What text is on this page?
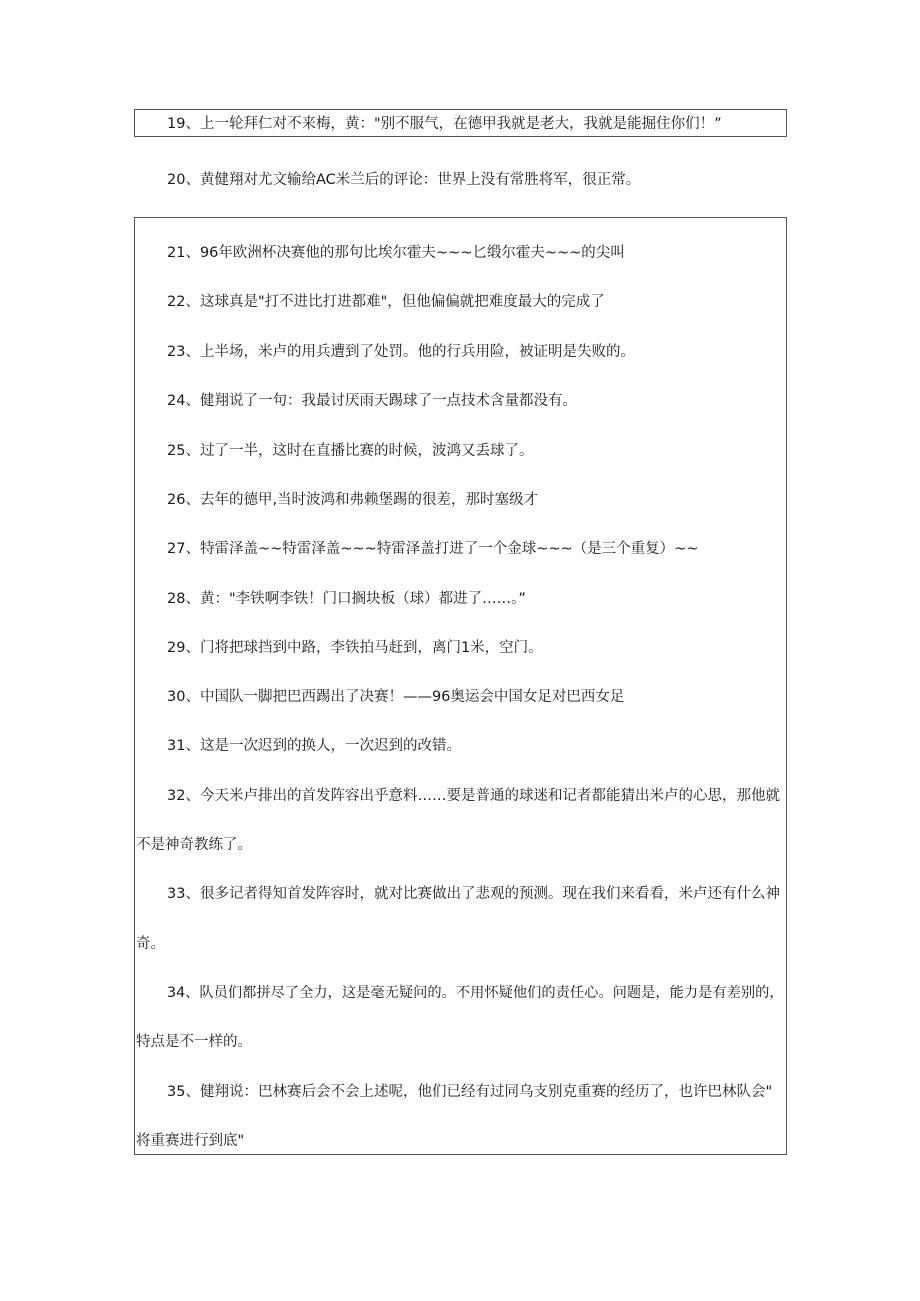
19、上一轮拜仁对不来梅，黄："别不服气，在德甲我就是老大，我就是能掘住你们！”
20、黄健翔对尤文输给AC米兰后的评论：世界上没有常胜将军，很正常。
21、96年欧洲杯决赛他的那句比埃尔霍夫~~~匕缎尔霍夫~~~的尖叫
22、这球真是"打不进比打进都难"，但他偏偏就把难度最大的完成了
23、上半场，米卢的用兵遭到了处罚。他的行兵用险，被证明是失败的。
24、健翔说了一句：我最讨厌雨天踢球了一点技术含量都没有。
25、过了一半，这时在直播比赛的时候，波鸿又丢球了。
26、去年的德甲,当时波鸿和弗赖堡踢的很差，那时塞级才
27、特雷泽盖~~特雷泽盖~~~特雷泽盖打进了一个金球~~~（是三个重复）~~
28、黄："李铁啊李铁！门口搁块板（球）都进了……。”
29、门将把球挡到中路，李铁拍马赶到，离门1米，空门。
30、中国队一脚把巴西踢出了决赛！——96奥运会中国女足对巴西女足
31、这是一次迟到的换人，一次迟到的改错。
32、今天米卢排出的首发阵容出乎意料……要是普通的球迷和记者都能猜出米卢的心思，那他就
不是神奇教练了。
33、很多记者得知首发阵容时，就对比赛做出了悲观的预测。现在我们来看看，米卢还有什么神
奇。
34、队员们都拼尽了全力，这是毫无疑问的。不用怀疑他们的责任心。问题是，能力是有差别的，
特点是不一样的。
35、健翔说：巴林赛后会不会上述呢，他们已经有过同乌支别克重赛的经历了，也许巴林队会"
将重赛进行到底"
